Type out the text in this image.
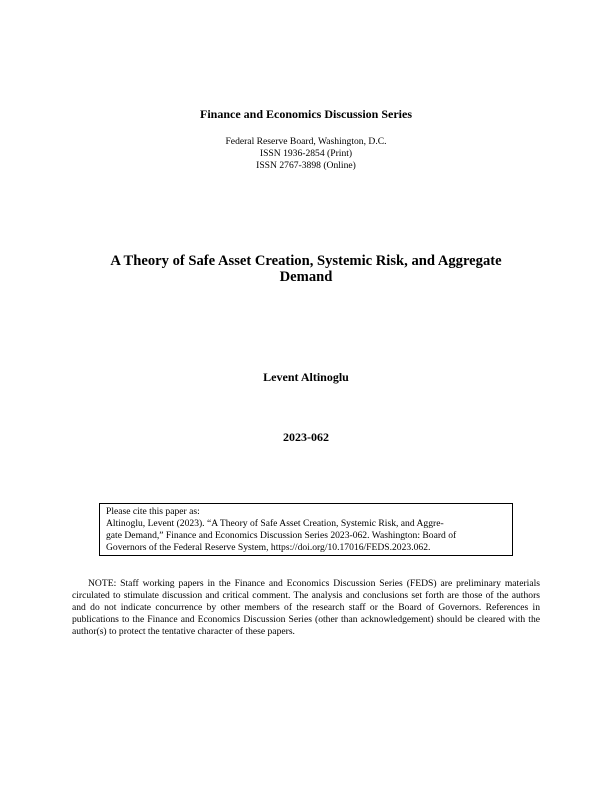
Finance and Economics Discussion Series
Federal Reserve Board, Washington, D.C.
ISSN 1936-2854 (Print)
ISSN 2767-3898 (Online)
A Theory of Safe Asset Creation, Systemic Risk, and Aggregate
Demand
Levent Altinoglu
2023-062
Please cite this paper as:
Altinoglu, Levent (2023). “A Theory of Safe Asset Creation, Systemic Risk, and Aggre-
gate Demand,” Finance and Economics Discussion Series 2023-062. Washington: Board of
Governors of the Federal Reserve System, https://doi.org/10.17016/FEDS.2023.062.
NOTE: Staff working papers in the Finance and Economics Discussion Series (FEDS) are preliminary materials circulated to stimulate discussion and critical comment. The analysis and conclusions set forth are those of the authors and do not indicate concurrence by other members of the research staff or the Board of Governors. References in publications to the Finance and Economics Discussion Series (other than acknowledgement) should be cleared with the author(s) to protect the tentative character of these papers.
